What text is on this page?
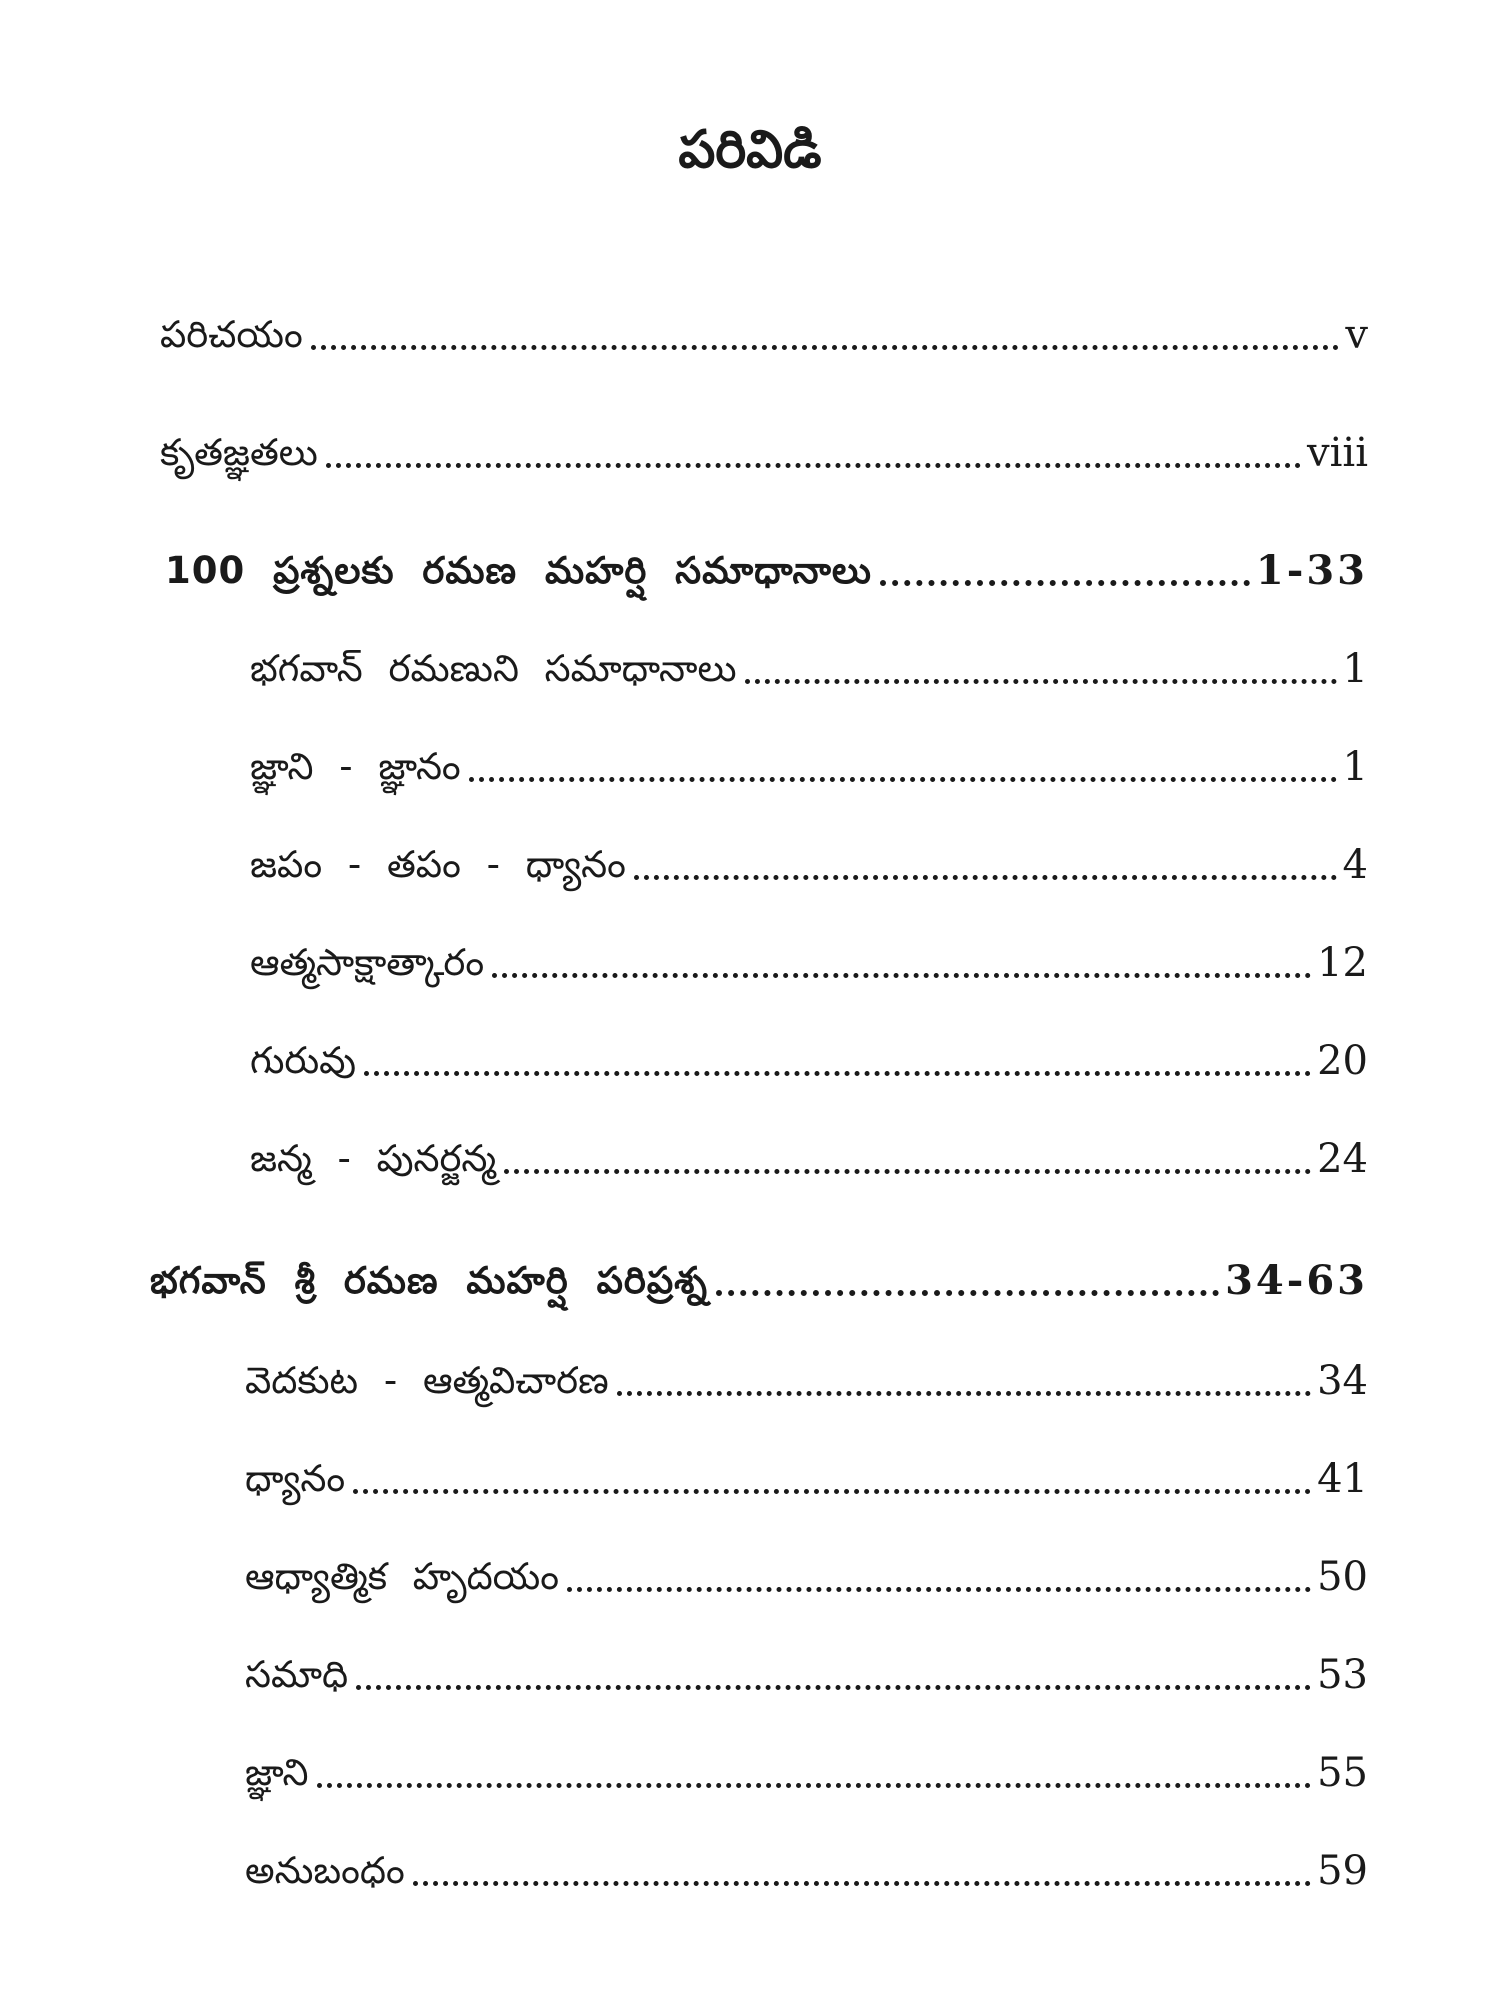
పరివిడి
పరిచయం	v
కృతజ్ఞతలు	viii
100 ప్రశ్నలకు రమణ మహర్షి సమాధానాలు	1-33
భగవాన్ రమణుని సమాధానాలు	1
జ్ఞాని - జ్ఞానం	1
జపం - తపం - ధ్యానం	4
ఆత్మసాక్షాత్కారం	12
గురువు	20
జన్మ - పునర్జన్మ	24
భగవాన్ శ్రీ రమణ మహర్షి పరిప్రశ్న	34-63
వెదకుట - ఆత్మవిచారణ	34
ధ్యానం	41
ఆధ్యాత్మిక హృదయం	50
సమాధి	53
జ్ఞాని	55
అనుబంధం	59
